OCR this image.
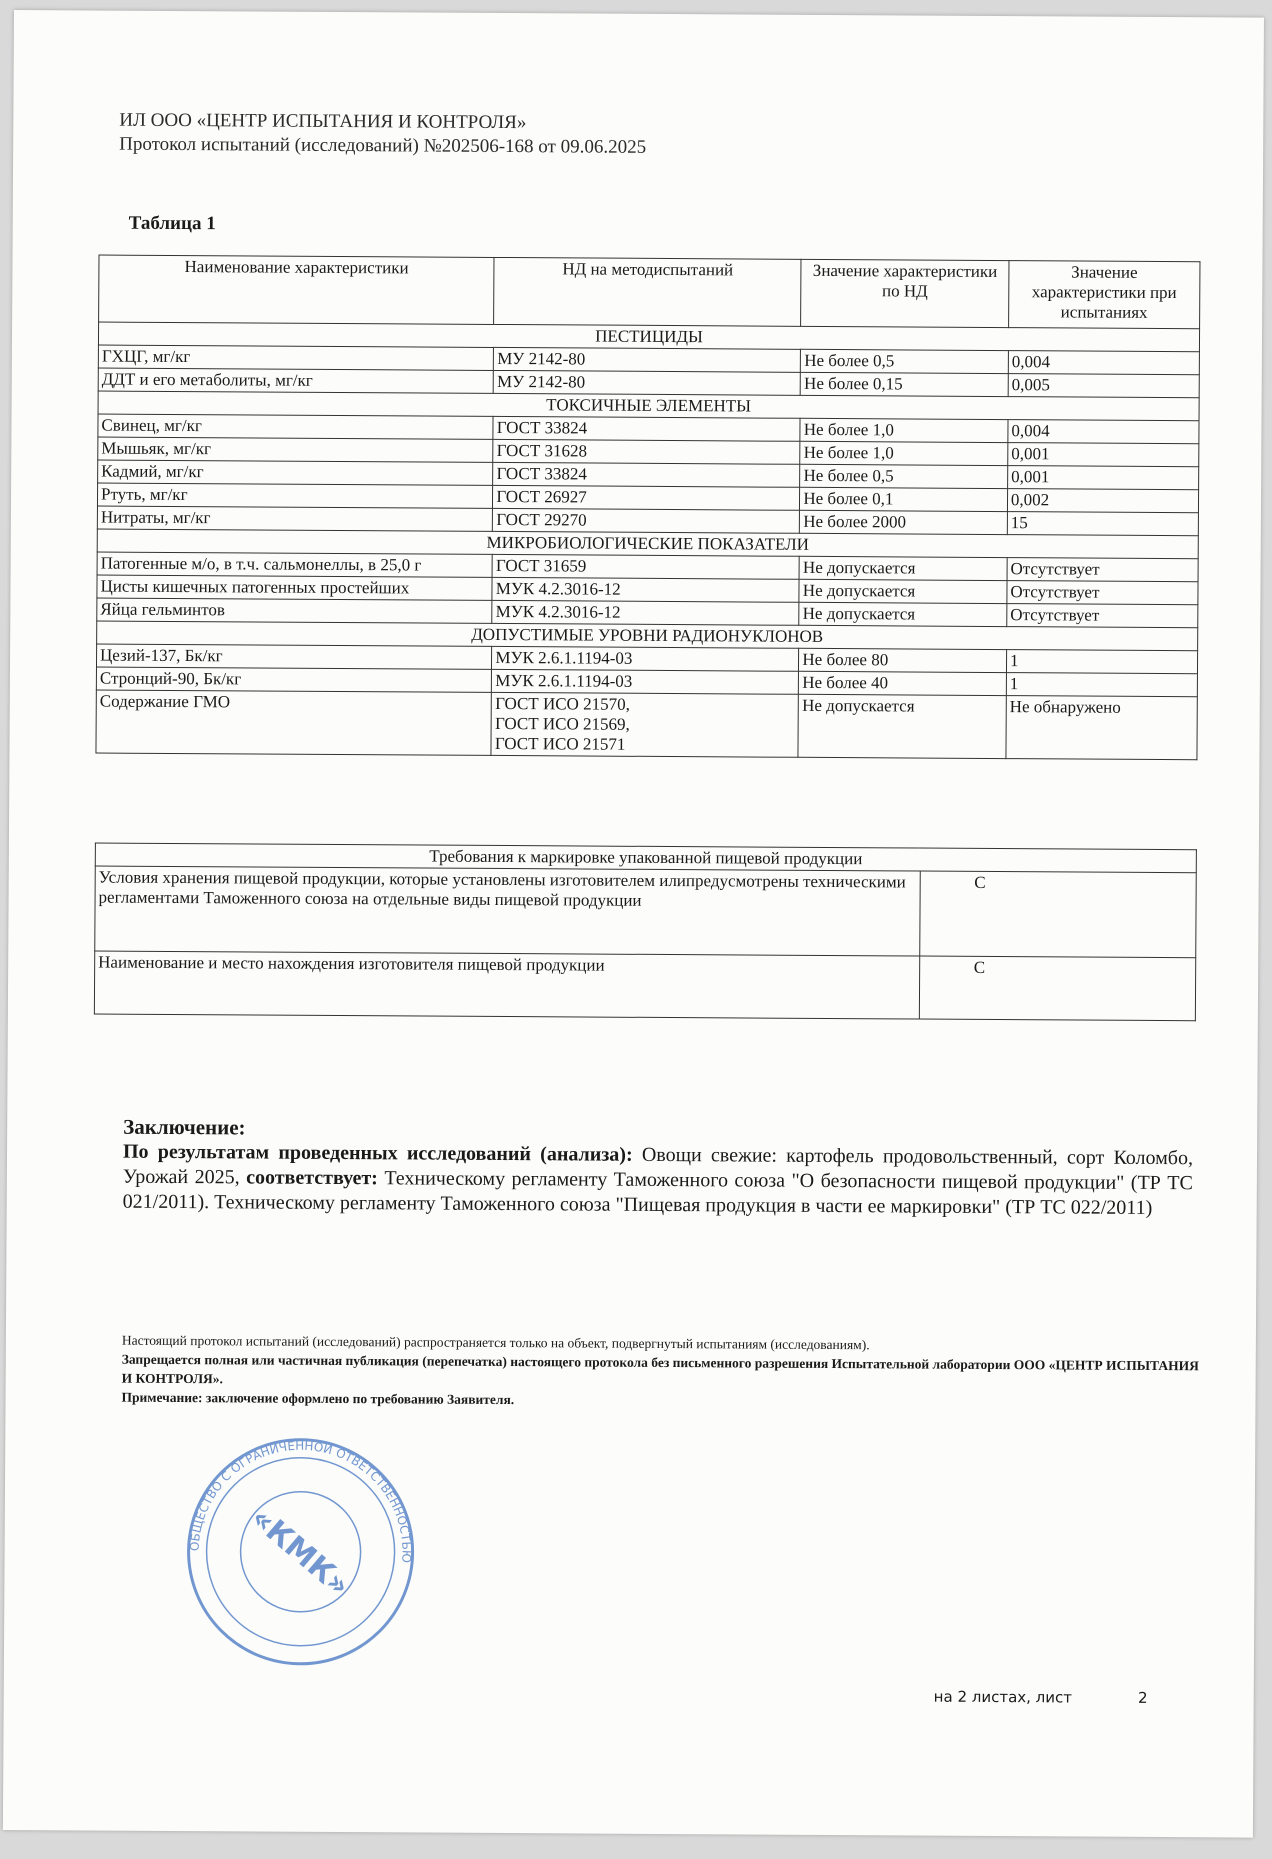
ИЛ ООО «ЦЕНТР ИСПЫТАНИЯ И КОНТРОЛЯ»
Протокол испытаний (исследований) №202506-168 от 09.06.2025
Таблица 1
Наименование характеристики	НД на методиспытаний	Значение характеристики по НД	Значение характеристики при испытаниях
ПЕСТИЦИДЫ			
ГХЦГ, мг/кг	МУ 2142-80	Не более 0,5	0,004
ДДТ и его метаболиты, мг/кг	МУ 2142-80	Не более 0,15	0,005
ТОКСИЧНЫЕ ЭЛЕМЕНТЫ			
Свинец, мг/кг	ГОСТ 33824	Не более 1,0	0,004
Мышьяк, мг/кг	ГОСТ 31628	Не более 1,0	0,001
Кадмий, мг/кг	ГОСТ 33824	Не более 0,5	0,001
Ртуть, мг/кг	ГОСТ 26927	Не более 0,1	0,002
Нитраты, мг/кг	ГОСТ 29270	Не более 2000	15
МИКРОБИОЛОГИЧЕСКИЕ ПОКАЗАТЕЛИ			
Патогенные м/о, в т.ч. сальмонеллы, в 25,0 г	ГОСТ 31659	Не допускается	Отсутствует
Цисты кишечных патогенных простейших	МУК 4.2.3016-12	Не допускается	Отсутствует
Яйца гельминтов	МУК 4.2.3016-12	Не допускается	Отсутствует
ДОПУСТИМЫЕ УРОВНИ РАДИОНУКЛОНОВ			
Цезий-137, Бк/кг	МУК 2.6.1.1194-03	Не более 80	1
Стронций-90, Бк/кг	МУК 2.6.1.1194-03	Не более 40	1
Содержание ГМО	ГОСТ ИСО 21570,
ГОСТ ИСО 21569,
ГОСТ ИСО 21571	Не допускается	Не обнаружено
Требования к маркировке упакованной пищевой продукции	
Условия хранения пищевой продукции, которые установлены изготовителем илипредусмотрены техническими регламентами Таможенного союза на отдельные виды пищевой продукции	С
Наименование и место нахождения изготовителя пищевой продукции	С
Заключение:
По результатам проведенных исследований (анализа): Овощи свежие: картофель продовольственный, сорт Коломбо, Урожай 2025, соответствует: Техническому регламенту Таможенного союза "О безопасности пищевой продукции" (ТР ТС 021/2011). Техническому регламенту Таможенного союза "Пищевая продукция в части ее маркировки" (ТР ТС 022/2011)
Настоящий протокол испытаний (исследований) распространяется только на объект, подвергнутый испытаниям (исследованиям).
Запрещается полная или частичная публикация (перепечатка) настоящего протокола без письменного разрешения Испытательной лаборатории ООО «ЦЕНТР ИСПЫТАНИЯ И КОНТРОЛЯ».
Примечание: заключение оформлено по требованию Заявителя.
ОБЩЕСТВО С ОГРАНИЧЕННОЙ ОТВЕТСТВЕННОСТЬЮ
«КМК»
на 2 листах, лист	2
